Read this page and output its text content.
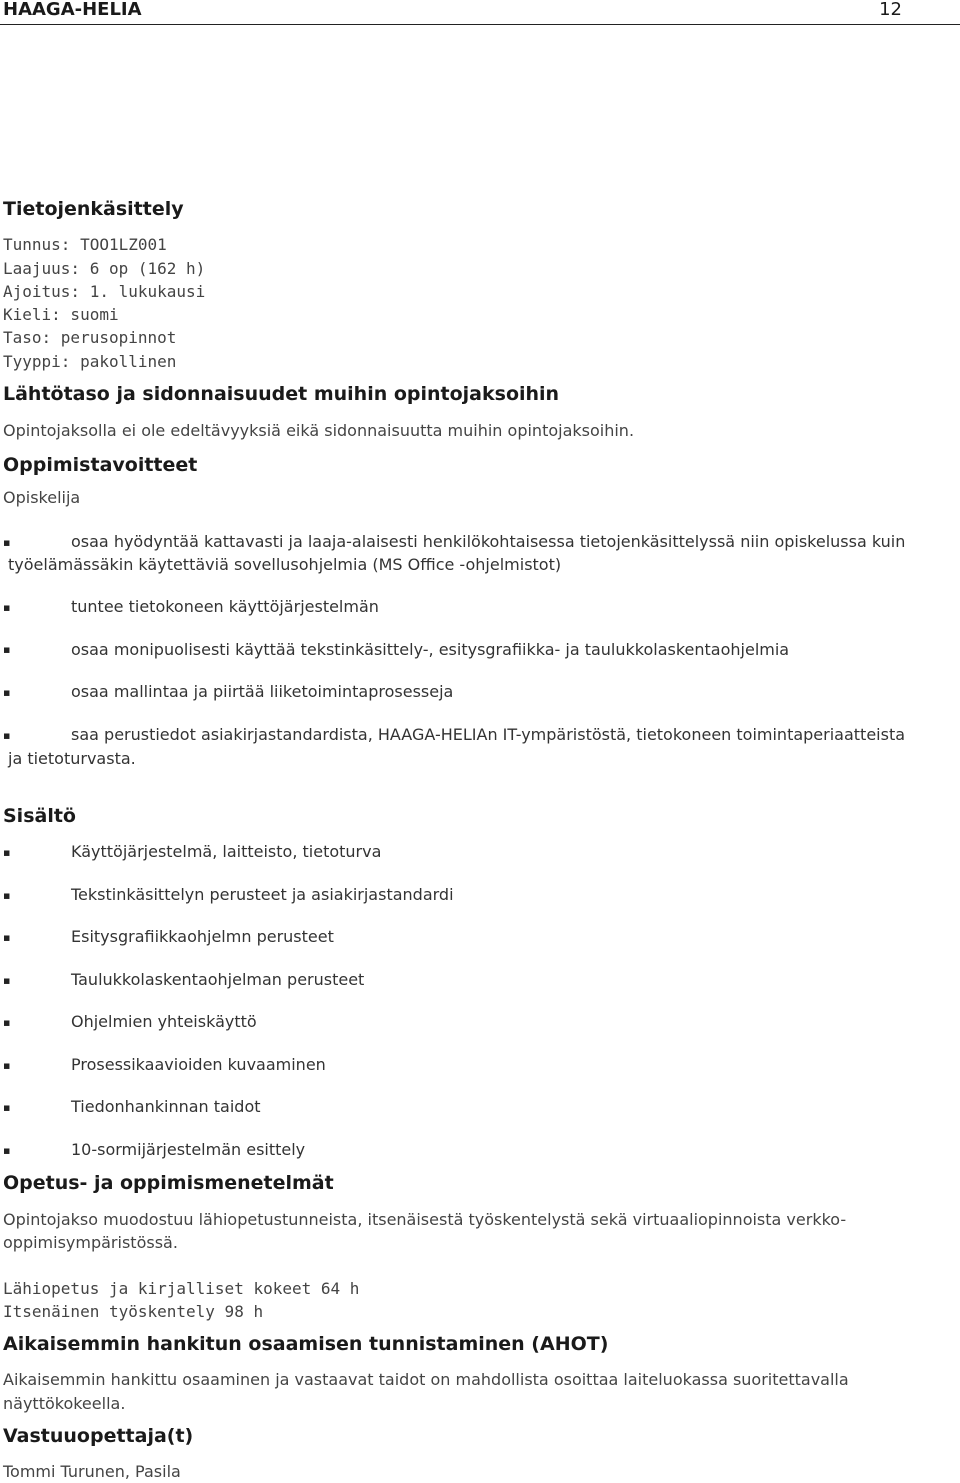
HAAGA-HELIA	12
Tietojenkäsittely
Tunnus: TOO1LZ001
Laajuus: 6 op (162 h)
Ajoitus: 1. lukukausi
Kieli: suomi
Taso: perusopinnot
Tyyppi: pakollinen
Lähtötaso ja sidonnaisuudet muihin opintojaksoihin
Opintojaksolla ei ole edeltävyyksiä eikä sidonnaisuutta muihin opintojaksoihin.
Oppimistavoitteet
Opiskelija
▪	osaa hyödyntää kattavasti ja laaja-alaisesti henkilökohtaisessa tietojenkäsittelyssä niin opiskelussa kuin
työelämässäkin käytettäviä sovellusohjelmia (MS Office -ohjelmistot)
▪	tuntee tietokoneen käyttöjärjestelmän
▪	osaa monipuolisesti käyttää tekstinkäsittely-, esitysgrafiikka- ja taulukkolaskentaohjelmia
▪	osaa mallintaa ja piirtää liiketoimintaprosesseja
▪	saa perustiedot asiakirjastandardista, HAAGA-HELIAn IT-ympäristöstä, tietokoneen toimintaperiaatteista
ja tietoturvasta.
Sisältö
▪	Käyttöjärjestelmä, laitteisto, tietoturva
▪	Tekstinkäsittelyn perusteet ja asiakirjastandardi
▪	Esitysgrafiikkaohjelmn perusteet
▪	Taulukkolaskentaohjelman perusteet
▪	Ohjelmien yhteiskäyttö
▪	Prosessikaavioiden kuvaaminen
▪	Tiedonhankinnan taidot
▪	10-sormijärjestelmän esittely
Opetus- ja oppimismenetelmät
Opintojakso muodostuu lähiopetustunneista, itsenäisestä työskentelystä sekä virtuaaliopinnoista verkko-
oppimisympäristössä.
Lähiopetus ja kirjalliset kokeet 64 h
Itsenäinen työskentely 98 h
Aikaisemmin hankitun osaamisen tunnistaminen (AHOT)
Aikaisemmin hankittu osaaminen ja vastaavat taidot on mahdollista osoittaa laiteluokassa suoritettavalla
näyttökokeella.
Vastuuopettaja(t)
Tommi Turunen, Pasila
